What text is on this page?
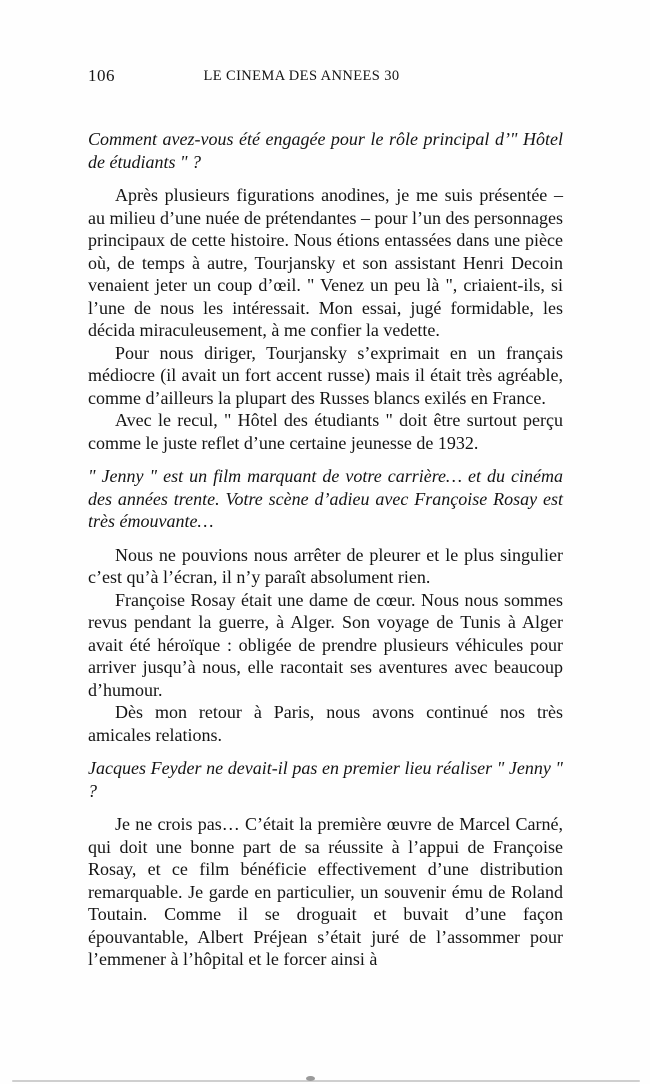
106	LE CINEMA DES ANNEES 30

Comment avez-vous été engagée pour le rôle principal d’" Hôtel de étudiants " ?

Après plusieurs figurations anodines, je me suis présentée – au milieu d’une nuée de prétendantes – pour l’un des personnages principaux de cette histoire. Nous étions entassées dans une pièce où, de temps à autre, Tourjansky et son assistant Henri Decoin venaient jeter un coup d’œil. " Venez un peu là ", criaient-ils, si l’une de nous les intéressait. Mon essai, jugé formidable, les décida miraculeusement, à me confier la vedette.

Pour nous diriger, Tourjansky s’exprimait en un français médiocre (il avait un fort accent russe) mais il était très agréable, comme d’ailleurs la plupart des Russes blancs exilés en France.

Avec le recul, " Hôtel des étudiants " doit être surtout perçu comme le juste reflet d’une certaine jeunesse de 1932.

" Jenny " est un film marquant de votre carrière… et du cinéma des années trente. Votre scène d’adieu avec Françoise Rosay est très émouvante…

Nous ne pouvions nous arrêter de pleurer et le plus singulier c’est qu’à l’écran, il n’y paraît absolument rien.

Françoise Rosay était une dame de cœur. Nous nous sommes revus pendant la guerre, à Alger. Son voyage de Tunis à Alger avait été héroïque : obligée de prendre plusieurs véhicules pour arriver jusqu’à nous, elle racontait ses aventures avec beaucoup d’humour.

Dès mon retour à Paris, nous avons continué nos très amicales relations.

Jacques Feyder ne devait-il pas en premier lieu réaliser " Jenny " ?

Je ne crois pas… C’était la première œuvre de Marcel Carné, qui doit une bonne part de sa réussite à l’appui de Françoise Rosay, et ce film bénéficie effectivement d’une distribution remarquable. Je garde en particulier, un souvenir ému de Roland Toutain. Comme il se droguait et buvait d’une façon épouvantable, Albert Préjean s’était juré de l’assommer pour l’emmener à l’hôpital et le forcer ainsi à
